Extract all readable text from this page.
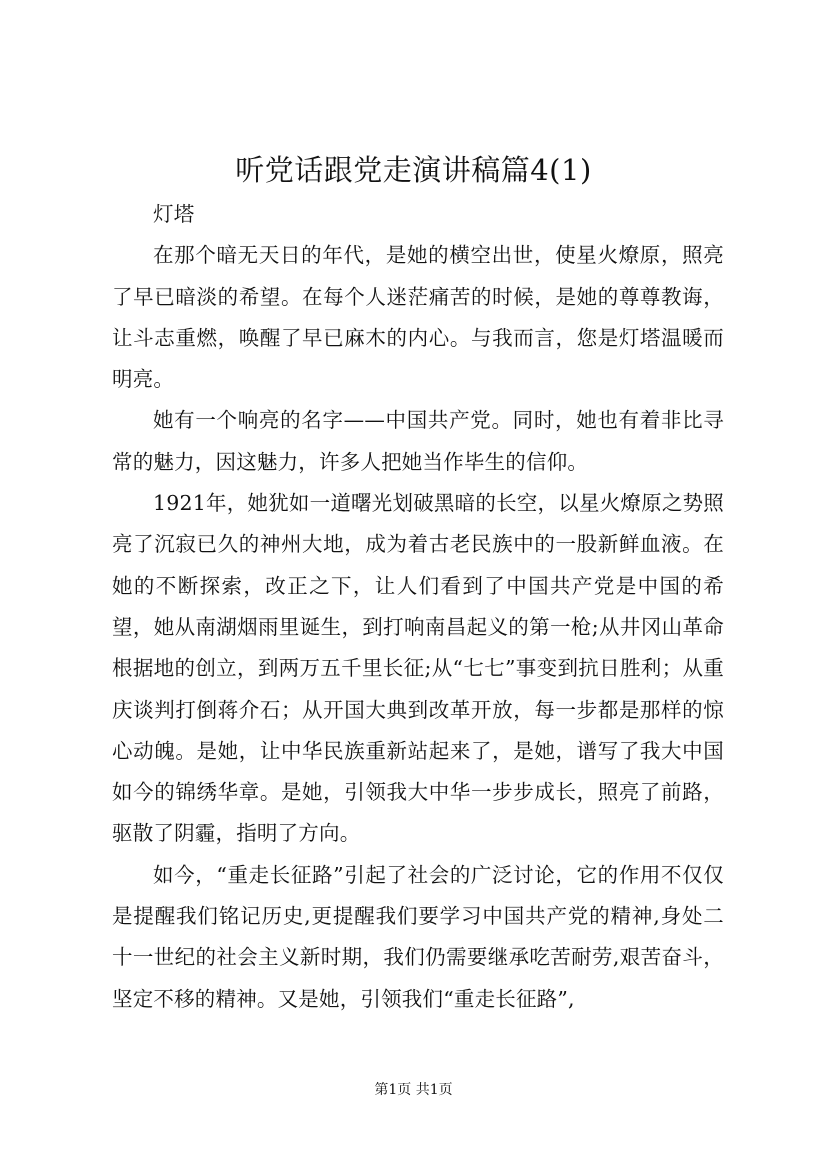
听党话跟党走演讲稿篇4(1)

灯塔

在那个暗无天日的年代，是她的横空出世，使星火燎原，照亮了早已暗淡的希望。在每个人迷茫痛苦的时候，是她的尊尊教诲，让斗志重燃，唤醒了早已麻木的内心。与我而言，您是灯塔温暖而明亮。

她有一个响亮的名字——中国共产党。同时，她也有着非比寻常的魅力，因这魅力，许多人把她当作毕生的信仰。

1921年，她犹如一道曙光划破黑暗的长空，以星火燎原之势照亮了沉寂已久的神州大地，成为着古老民族中的一股新鲜血液。在她的不断探索，改正之下，让人们看到了中国共产党是中国的希望，她从南湖烟雨里诞生，到打响南昌起义的第一枪;从井冈山革命根据地的创立，到两万五千里长征;从“七七”事变到抗日胜利；从重庆谈判打倒蒋介石；从开国大典到改革开放，每一步都是那样的惊心动魄。是她，让中华民族重新站起来了，是她，谱写了我大中国如今的锦绣华章。是她，引领我大中华一步步成长，照亮了前路，驱散了阴霾，指明了方向。

如今，“重走长征路”引起了社会的广泛讨论，它的作用不仅仅是提醒我们铭记历史,更提醒我们要学习中国共产党的精神,身处二十一世纪的社会主义新时期，我们仍需要继承吃苦耐劳,艰苦奋斗，坚定不移的精神。又是她，引领我们“重走长征路”,

第1页 共1页
